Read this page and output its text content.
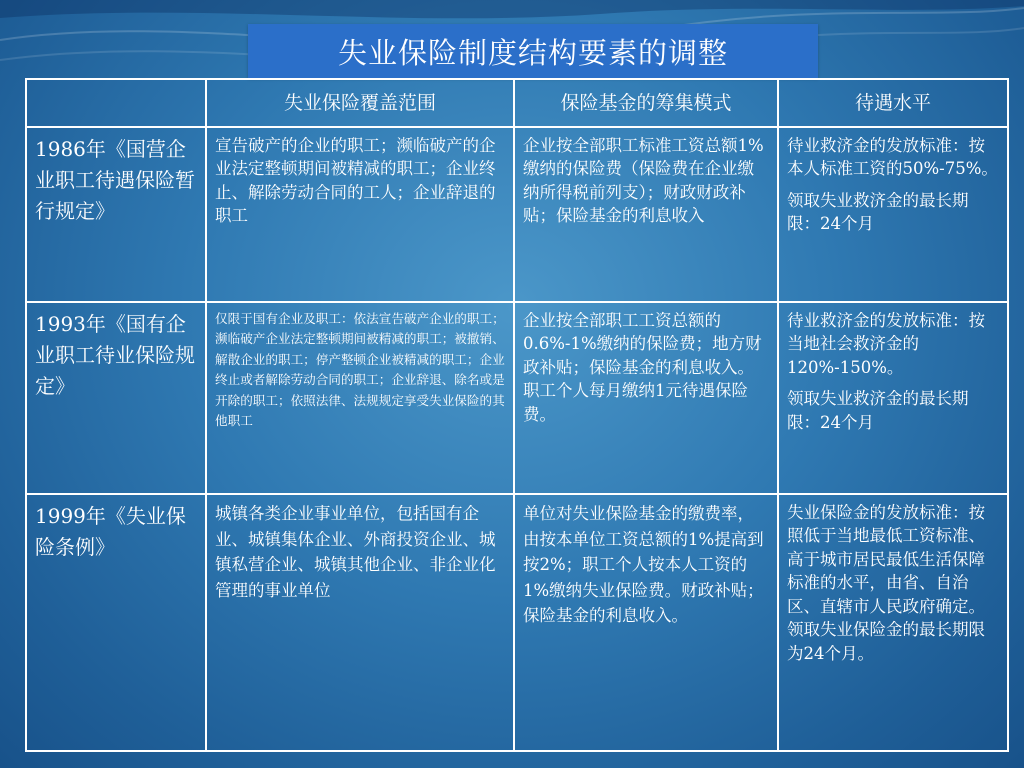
失业保险制度结构要素的调整
	失业保险覆盖范围	保险基金的筹集模式	待遇水平
1986年《国营企业职工待遇保险暂行规定》	宣告破产的企业的职工；濒临破产的企业法定整顿期间被精减的职工；企业终止、解除劳动合同的工人；企业辞退的职工	企业按全部职工标准工资总额1%缴纳的保险费（保险费在企业缴纳所得税前列支）；财政财政补贴；保险基金的利息收入	待业救济金的发放标准：按本人标准工资的50%-75%。

领取失业救济金的最长期限：24个月

1993年《国有企业职工待业保险规定》	仅限于国有企业及职工：依法宣告破产企业的职工；濒临破产企业法定整顿期间被精减的职工；被撤销、解散企业的职工；停产整顿企业被精减的职工；企业终止或者解除劳动合同的职工；企业辞退、除名或是开除的职工；依照法律、法规规定享受失业保险的其他职工	企业按全部职工工资总额的0.6%-1%缴纳的保险费；地方财政补贴；保险基金的利息收入。职工个人每月缴纳1元待遇保险费。	待业救济金的发放标准：按当地社会救济金的120%-150%。

领取失业救济金的最长期限：24个月

1999年《失业保险条例》	城镇各类企业事业单位，包括国有企业、城镇集体企业、外商投资企业、城镇私营企业、城镇其他企业、非企业化管理的事业单位	单位对失业保险基金的缴费率，由按本单位工资总额的1%提高到按2%；职工个人按本人工资的1%缴纳失业保险费。财政补贴；保险基金的利息收入。	失业保险金的发放标准：按照低于当地最低工资标准、高于城市居民最低生活保障标准的水平，由省、自治区、直辖市人民政府确定。领取失业保险金的最长期限为24个月。
